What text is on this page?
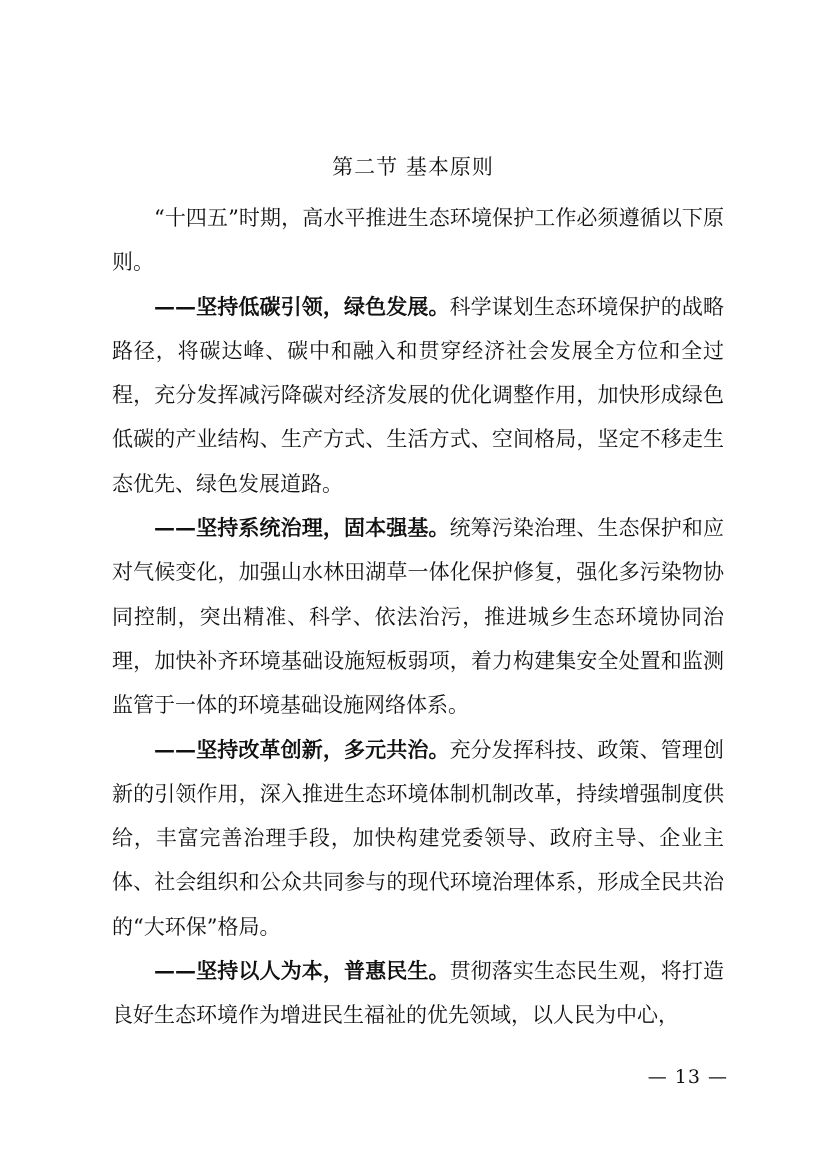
第二节 基本原则

“十四五”时期，高水平推进生态环境保护工作必须遵循以下原则。

——坚持低碳引领，绿色发展。科学谋划生态环境保护的战略路径，将碳达峰、碳中和融入和贯穿经济社会发展全方位和全过程，充分发挥减污降碳对经济发展的优化调整作用，加快形成绿色低碳的产业结构、生产方式、生活方式、空间格局，坚定不移走生态优先、绿色发展道路。

——坚持系统治理，固本强基。统筹污染治理、生态保护和应对气候变化，加强山水林田湖草一体化保护修复，强化多污染物协同控制，突出精准、科学、依法治污，推进城乡生态环境协同治理，加快补齐环境基础设施短板弱项，着力构建集安全处置和监测监管于一体的环境基础设施网络体系。

——坚持改革创新，多元共治。充分发挥科技、政策、管理创新的引领作用，深入推进生态环境体制机制改革，持续增强制度供给，丰富完善治理手段，加快构建党委领导、政府主导、企业主体、社会组织和公众共同参与的现代环境治理体系，形成全民共治的“大环保”格局。

——坚持以人为本，普惠民生。贯彻落实生态民生观，将打造良好生态环境作为增进民生福祉的优先领域，以人民为中心，

— 13 —
